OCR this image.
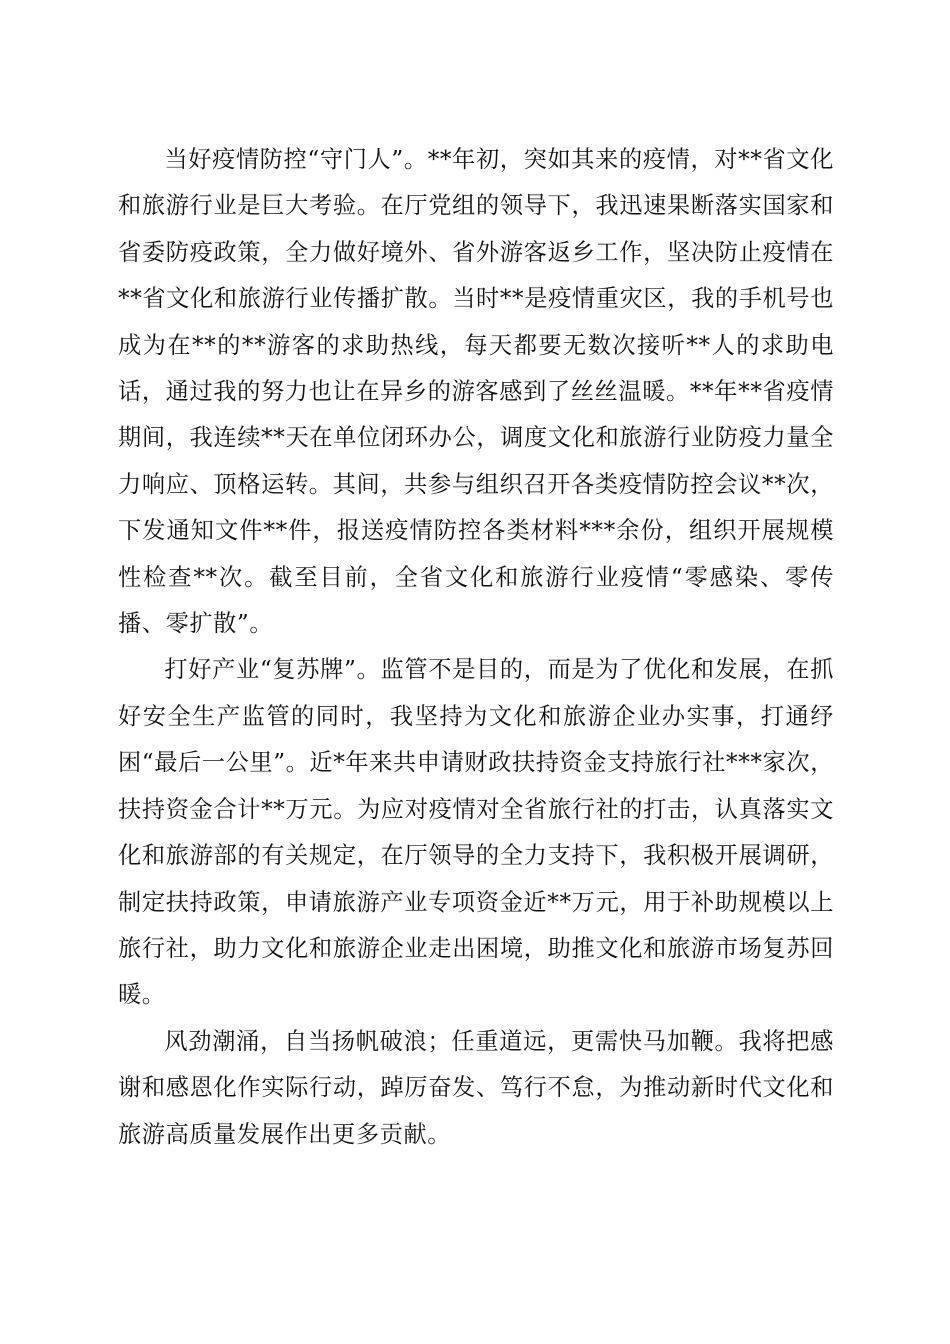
当好疫情防控“守门人”。**年初，突如其来的疫情，对**省文化和旅游行业是巨大考验。在厅党组的领导下，我迅速果断落实国家和省委防疫政策，全力做好境外、省外游客返乡工作，坚决防止疫情在**省文化和旅游行业传播扩散。当时**是疫情重灾区，我的手机号也成为在**的**游客的求助热线，每天都要无数次接听**人的求助电话，通过我的努力也让在异乡的游客感到了丝丝温暖。**年**省疫情期间，我连续**天在单位闭环办公，调度文化和旅游行业防疫力量全力响应、顶格运转。其间，共参与组织召开各类疫情防控会议**次，下发通知文件**件，报送疫情防控各类材料***余份，组织开展规模性检查**次。截至目前，全省文化和旅游行业疫情“零感染、零传播、零扩散”。

打好产业“复苏牌”。监管不是目的，而是为了优化和发展，在抓好安全生产监管的同时，我坚持为文化和旅游企业办实事，打通纾困“最后一公里”。近*年来共申请财政扶持资金支持旅行社***家次，扶持资金合计**万元。为应对疫情对全省旅行社的打击，认真落实文化和旅游部的有关规定，在厅领导的全力支持下，我积极开展调研，制定扶持政策，申请旅游产业专项资金近**万元，用于补助规模以上旅行社，助力文化和旅游企业走出困境，助推文化和旅游市场复苏回暖。

风劲潮涌，自当扬帆破浪；任重道远，更需快马加鞭。我将把感谢和感恩化作实际行动，踔厉奋发、笃行不怠，为推动新时代文化和旅游高质量发展作出更多贡献。
